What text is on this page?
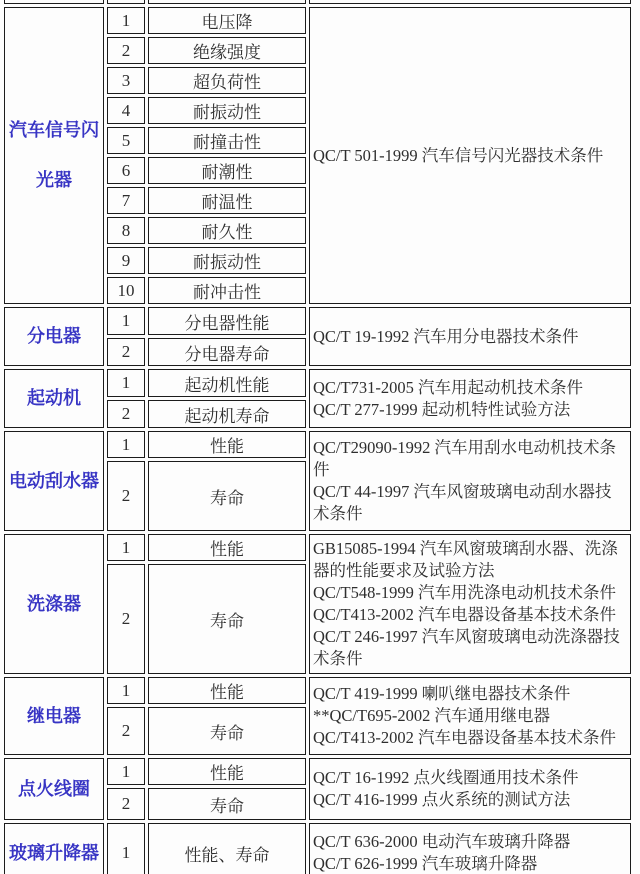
汽车信号闪光器	1	电压降	QC/T 501-1999 汽车信号闪光器技术条件

	2	绝缘强度	
	3	超负荷性	
	4	耐振动性	
	5	耐撞击性	
	6	耐潮性	
	7	耐温性	
	8	耐久性	
	9	耐振动性	
	10	耐冲击性	
分电器	1	分电器性能	QC/T 19-1992 汽车用分电器技术条件

	2	分电器寿命	
起动机	1	起动机性能	QC/T731-2005 汽车用起动机技术条件
QC/T 277-1999 起动机特性试验方法

	2	起动机寿命	
电动刮水器	1	性能	QC/T29090-1992 汽车用刮水电动机技术条件
QC/T 44-1997 汽车风窗玻璃电动刮水器技术条件

	2	寿命	
洗涤器	1	性能	GB15085-1994 汽车风窗玻璃刮水器、洗涤器的性能要求及试验方法
QC/T548-1999 汽车用洗涤电动机技术条件
QC/T413-2002 汽车电器设备基本技术条件
QC/T 246-1997 汽车风窗玻璃电动洗涤器技术条件

	2	寿命	
继电器	1	性能	QC/T 419-1999 喇叭继电器技术条件
**QC/T695-2002 汽车通用继电器
QC/T413-2002 汽车电器设备基本技术条件

	2	寿命	
点火线圈	1	性能	QC/T 16-1992 点火线圈通用技术条件
QC/T 416-1999 点火系统的测试方法

	2	寿命	
玻璃升降器	1	性能、寿命	QC/T 636-2000 电动汽车玻璃升降器
QC/T 626-1999 汽车玻璃升降器
